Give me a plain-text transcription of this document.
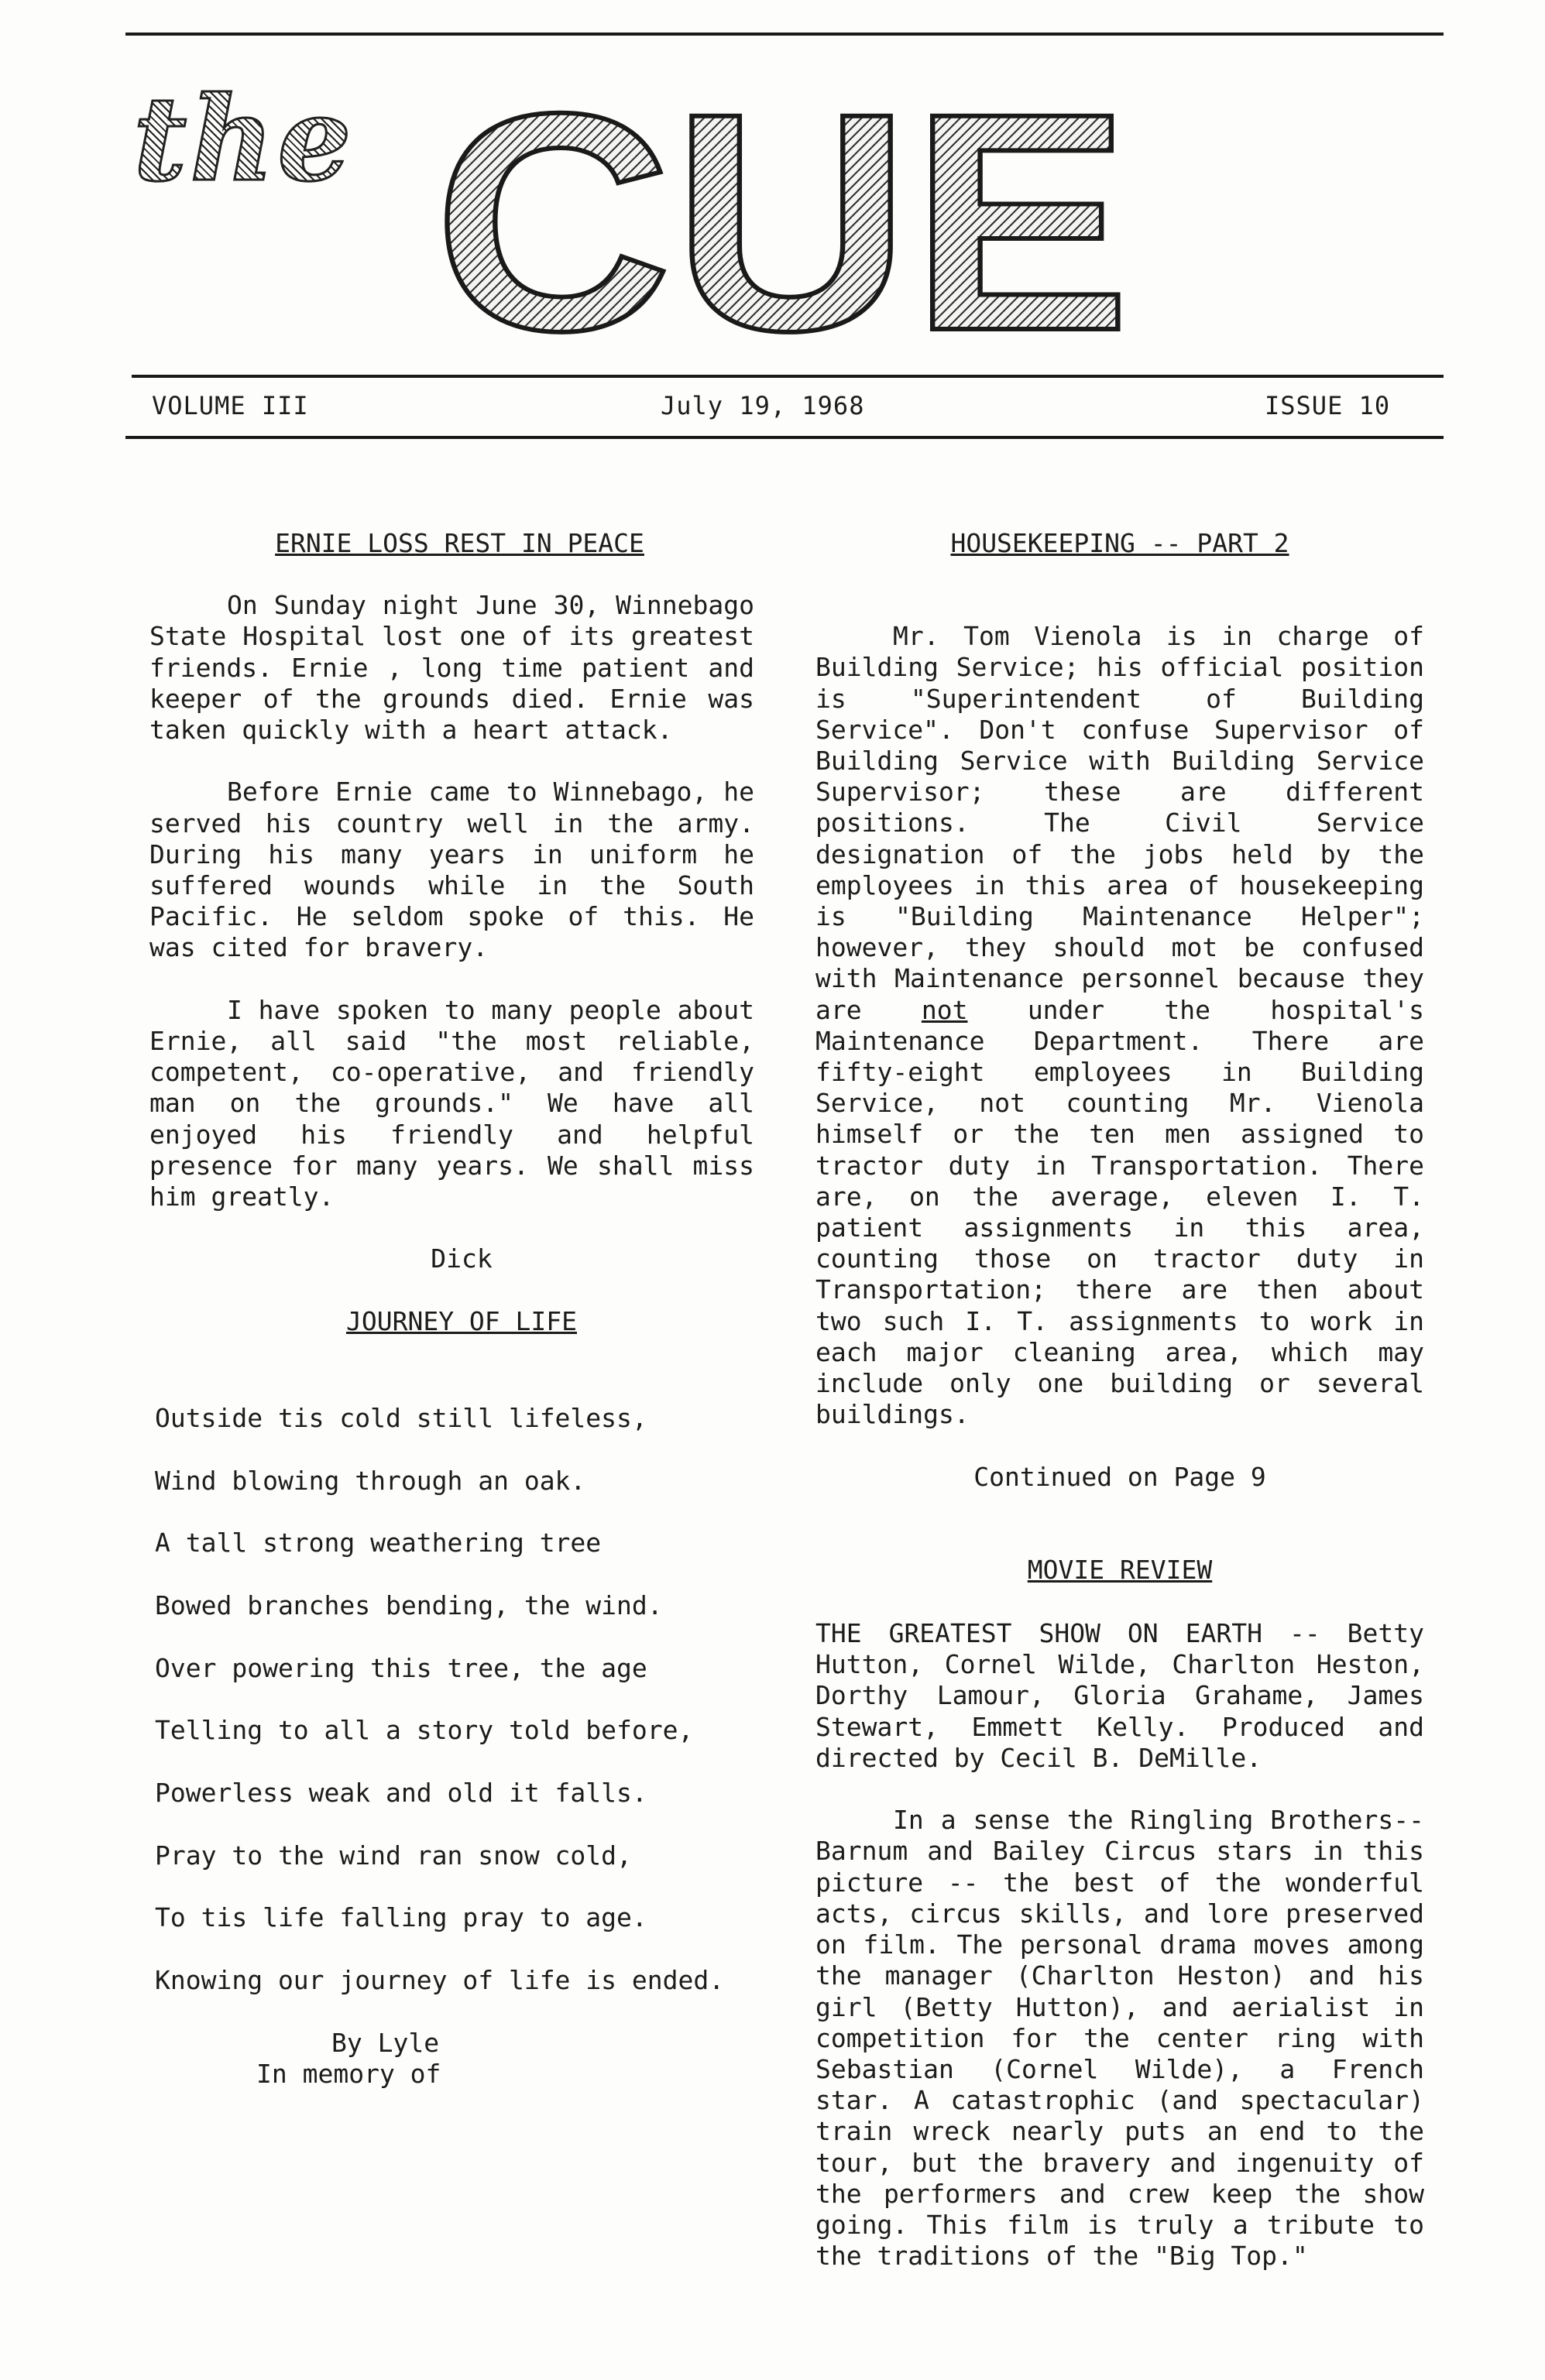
the CUE
VOLUME III	July 19, 1968	ISSUE 10
ERNIE LOSS REST IN PEACE

On Sunday night June 30, Winnebago State Hospital lost one of its greatest friends. Ernie , long time patient and keeper of the grounds died. Ernie was taken quickly with a heart attack.

Before Ernie came to Winnebago, he served his country well in the army. During his many years in uniform he suffered wounds while in the South Pacific. He seldom spoke of this. He was cited for bravery.

I have spoken to many people about Ernie, all said "the most reliable, competent, co-operative, and friendly man on the grounds." We have all enjoyed his friendly and helpful presence for many years. We shall miss him greatly.

Dick
JOURNEY OF LIFE
Outside tis cold still lifeless,
Wind blowing through an oak.
A tall strong weathering tree
Bowed branches bending, the wind.
Over powering this tree, the age
Telling to all a story told before,
Powerless weak and old it falls.
Pray to the wind ran snow cold,
To tis life falling pray to age.
Knowing our journey of life is ended.
By Lyle
In memory of
HOUSEKEEPING -- PART 2

Mr. Tom Vienola is in charge of Building Service; his official position is "Superintendent of Building Service". Don't confuse Supervisor of Building Service with Building Service Supervisor; these are different positions. The Civil Service designation of the jobs held by the employees in this area of housekeeping is "Building Maintenance Helper"; however, they should mot be confused with Maintenance personnel because they are not under the hospital's Maintenance Department. There are fifty-eight employees in Building Service, not counting Mr. Vienola himself or the ten men assigned to tractor duty in Transportation. There are, on the average, eleven I. T. patient assignments in this area, counting those on tractor duty in Transportation; there are then about two such I. T. assignments to work in each major cleaning area, which may include only one building or several buildings.

Continued on Page 9
MOVIE REVIEW

THE GREATEST SHOW ON EARTH -- Betty Hutton, Cornel Wilde, Charlton Heston, Dorthy Lamour, Gloria Grahame, James Stewart, Emmett Kelly. Produced and directed by Cecil B. DeMille.

In a sense the Ringling Brothers-- Barnum and Bailey Circus stars in this picture -- the best of the wonderful acts, circus skills, and lore preserved on film. The personal drama moves among the manager (Charlton Heston) and his girl (Betty Hutton), and aerialist in competition for the center ring with Sebastian (Cornel Wilde), a French star. A catastrophic (and spectacular) train wreck nearly puts an end to the tour, but the bravery and ingenuity of the performers and crew keep the show going. This film is truly a tribute to the traditions of the "Big Top."
